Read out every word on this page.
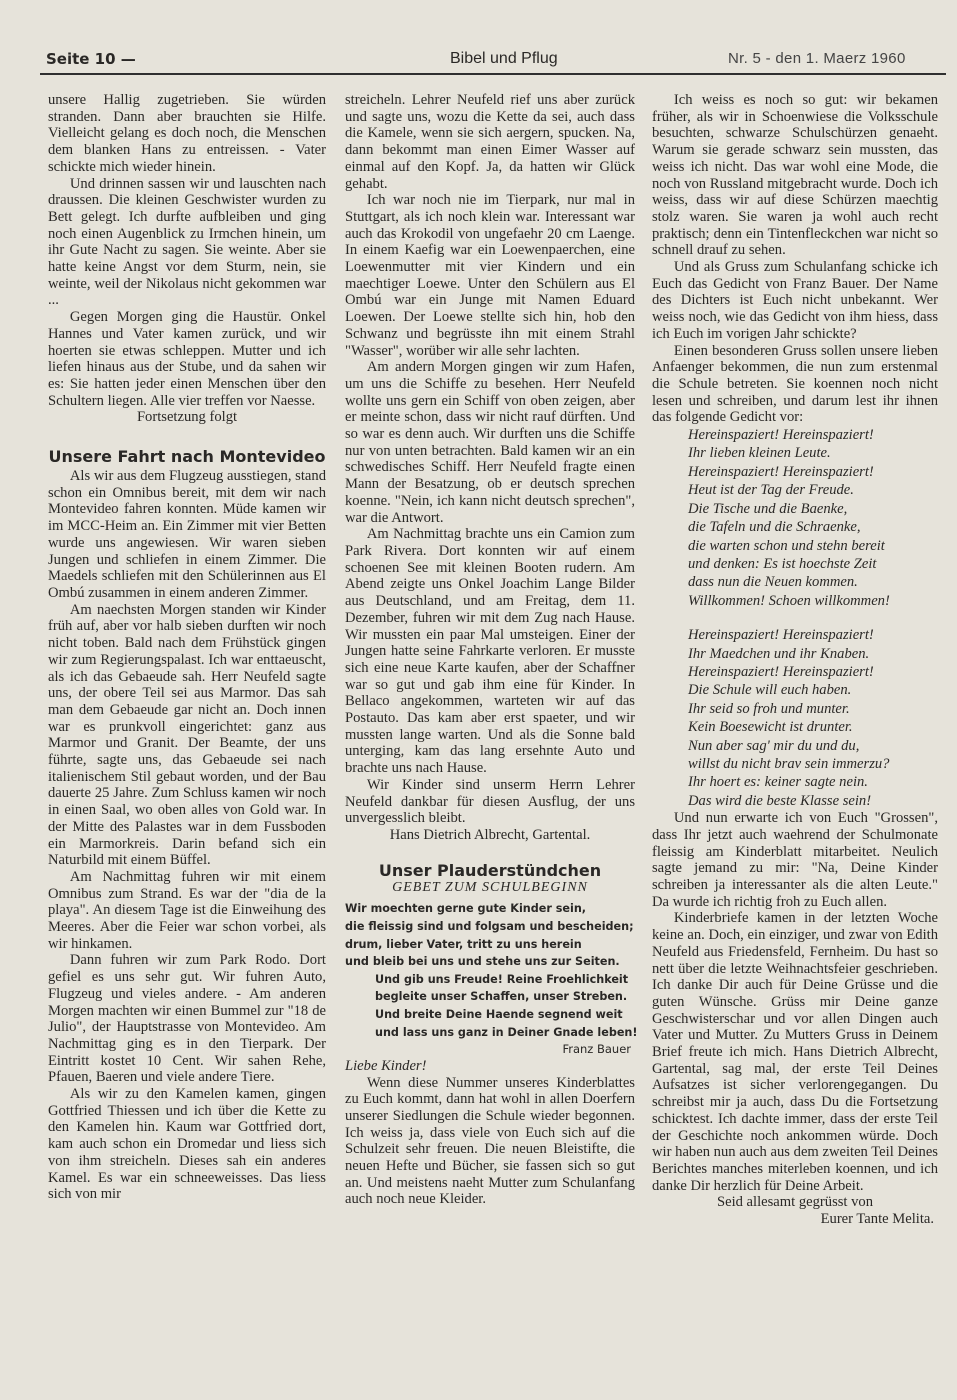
Seite 10 —	Bibel und Pflug	Nr. 5 - den 1. Maerz 1960

unsere Hallig zugetrieben. Sie würden stranden. Dann aber brauchten sie Hilfe. Vielleicht gelang es doch noch, die Menschen dem blanken Hans zu entreissen. - Vater schickte mich wieder hinein.

Und drinnen sassen wir und lauschten nach draussen. Die kleinen Geschwister wurden zu Bett gelegt. Ich durfte aufbleiben und ging noch einen Augenblick zu Irmchen hinein, um ihr Gute Nacht zu sagen. Sie weinte. Aber sie hatte keine Angst vor dem Sturm, nein, sie weinte, weil der Nikolaus nicht gekommen war ...

Gegen Morgen ging die Haustür. Onkel Hannes und Vater kamen zurück, und wir hoerten sie etwas schleppen. Mutter und ich liefen hinaus aus der Stube, und da sahen wir es: Sie hatten jeder einen Menschen über den Schultern liegen. Alle vier treffen vor Naesse.

Fortsetzung folgt
Unsere Fahrt nach Montevideo

Als wir aus dem Flugzeug ausstiegen, stand schon ein Omnibus bereit, mit dem wir nach Montevideo fahren konnten. Müde kamen wir im MCC-Heim an. Ein Zimmer mit vier Betten wurde uns angewiesen. Wir waren sieben Jungen und schliefen in einem Zimmer. Die Maedels schliefen mit den Schülerinnen aus El Ombú zusammen in einem anderen Zimmer.

Am naechsten Morgen standen wir Kinder früh auf, aber vor halb sieben durften wir noch nicht toben. Bald nach dem Frühstück gingen wir zum Regierungspalast. Ich war enttaeuscht, als ich das Gebaeude sah. Herr Neufeld sagte uns, der obere Teil sei aus Marmor. Das sah man dem Gebaeude gar nicht an. Doch innen war es prunkvoll eingerichtet: ganz aus Marmor und Granit. Der Beamte, der uns führte, sagte uns, das Gebaeude sei nach italienischem Stil gebaut worden, und der Bau dauerte 25 Jahre. Zum Schluss kamen wir noch in einen Saal, wo oben alles von Gold war. In der Mitte des Palastes war in dem Fussboden ein Marmorkreis. Darin befand sich ein Naturbild mit einem Büffel.

Am Nachmittag fuhren wir mit einem Omnibus zum Strand. Es war der "dia de la playa". An diesem Tage ist die Einweihung des Meeres. Aber die Feier war schon vorbei, als wir hinkamen.

Dann fuhren wir zum Park Rodo. Dort gefiel es uns sehr gut. Wir fuhren Auto, Flugzeug und vieles andere. - Am anderen Morgen machten wir einen Bummel zur "18 de Julio", der Hauptstrasse von Montevideo. Am Nachmittag ging es in den Tierpark. Der Eintritt kostet 10 Cent. Wir sahen Rehe, Pfauen, Baeren und viele andere Tiere.

Als wir zu den Kamelen kamen, gingen Gottfried Thiessen und ich über die Kette zu den Kamelen hin. Kaum war Gottfried dort, kam auch schon ein Dromedar und liess sich von ihm streicheln. Dieses sah ein anderes Kamel. Es war ein schneeweisses. Das liess sich von mir

streicheln. Lehrer Neufeld rief uns aber zurück und sagte uns, wozu die Kette da sei, auch dass die Kamele, wenn sie sich aergern, spucken. Na, dann bekommt man einen Eimer Wasser auf einmal auf den Kopf. Ja, da hatten wir Glück gehabt.

Ich war noch nie im Tierpark, nur mal in Stuttgart, als ich noch klein war. Interessant war auch das Krokodil von ungefaehr 20 cm Laenge. In einem Kaefig war ein Loewenpaerchen, eine Loewenmutter mit vier Kindern und ein maechtiger Loewe. Unter den Schülern aus El Ombú war ein Junge mit Namen Eduard Loewen. Der Loewe stellte sich hin, hob den Schwanz und begrüsste ihn mit einem Strahl "Wasser", worüber wir alle sehr lachten.

Am andern Morgen gingen wir zum Hafen, um uns die Schiffe zu besehen. Herr Neufeld wollte uns gern ein Schiff von oben zeigen, aber er meinte schon, dass wir nicht rauf dürften. Und so war es denn auch. Wir durften uns die Schiffe nur von unten betrachten. Bald kamen wir an ein schwedisches Schiff. Herr Neufeld fragte einen Mann der Besatzung, ob er deutsch sprechen koenne. "Nein, ich kann nicht deutsch sprechen", war die Antwort.

Am Nachmittag brachte uns ein Camion zum Park Rivera. Dort konnten wir auf einem schoenen See mit kleinen Booten rudern. Am Abend zeigte uns Onkel Joachim Lange Bilder aus Deutschland, und am Freitag, dem 11. Dezember, fuhren wir mit dem Zug nach Hause. Wir mussten ein paar Mal umsteigen. Einer der Jungen hatte seine Fahrkarte verloren. Er musste sich eine neue Karte kaufen, aber der Schaffner war so gut und gab ihm eine für Kinder. In Bellaco angekommen, warteten wir auf das Postauto. Das kam aber erst spaeter, und wir mussten lange warten. Und als die Sonne bald unterging, kam das lang ersehnte Auto und brachte uns nach Hause.

Wir Kinder sind unserm Herrn Lehrer Neufeld dankbar für diesen Ausflug, der uns unvergesslich bleibt.

Hans Dietrich Albrecht, Gartental.
Unser Plauderstündchen
GEBET ZUM SCHULBEGINN
Wir moechten gerne gute Kinder sein,
die fleissig sind und folgsam und bescheiden;
drum, lieber Vater, tritt zu uns herein
und bleib bei uns und stehe uns zur Seiten.
Und gib uns Freude! Reine Froehlichkeit
begleite unser Schaffen, unser Streben.
Und breite Deine Haende segnend weit
und lass uns ganz in Deiner Gnade leben!
Franz Bauer
Liebe Kinder!

Wenn diese Nummer unseres Kinderblattes zu Euch kommt, dann hat wohl in allen Doerfern unserer Siedlungen die Schule wieder begonnen. Ich weiss ja, dass viele von Euch sich auf die Schulzeit sehr freuen. Die neuen Bleistifte, die neuen Hefte und Bücher, sie fassen sich so gut an. Und meistens naeht Mutter zum Schulanfang auch noch neue Kleider.

Ich weiss es noch so gut: wir bekamen früher, als wir in Schoenwiese die Volksschule besuchten, schwarze Schulschürzen genaeht. Warum sie gerade schwarz sein mussten, das weiss ich nicht. Das war wohl eine Mode, die noch von Russland mitgebracht wurde. Doch ich weiss, dass wir auf diese Schürzen maechtig stolz waren. Sie waren ja wohl auch recht praktisch; denn ein Tintenfleckchen war nicht so schnell drauf zu sehen.

Und als Gruss zum Schulanfang schicke ich Euch das Gedicht von Franz Bauer. Der Name des Dichters ist Euch nicht unbekannt. Wer weiss noch, wie das Gedicht von ihm hiess, dass ich Euch im vorigen Jahr schickte?

Einen besonderen Gruss sollen unsere lieben Anfaenger bekommen, die nun zum erstenmal die Schule betreten. Sie koennen noch nicht lesen und schreiben, und darum lest ihr ihnen das folgende Gedicht vor:

Hereinspaziert! Hereinspaziert!
Ihr lieben kleinen Leute.
Hereinspaziert! Hereinspaziert!
Heut ist der Tag der Freude.
Die Tische und die Baenke,
die Tafeln und die Schraenke,
die warten schon und stehn bereit
und denken: Es ist hoechste Zeit
dass nun die Neuen kommen.
Willkommen! Schoen willkommen!
Hereinspaziert! Hereinspaziert!
Ihr Maedchen und ihr Knaben.
Hereinspaziert! Hereinspaziert!
Die Schule will euch haben.
Ihr seid so froh und munter.
Kein Boesewicht ist drunter.
Nun aber sag' mir du und du,
willst du nicht brav sein immerzu?
Ihr hoert es: keiner sagte nein.
Das wird die beste Klasse sein!

Und nun erwarte ich von Euch "Grossen", dass Ihr jetzt auch waehrend der Schulmonate fleissig am Kinderblatt mitarbeitet. Neulich sagte jemand zu mir: "Na, Deine Kinder schreiben ja interessanter als die alten Leute." Da wurde ich richtig froh zu Euch allen.

Kinderbriefe kamen in der letzten Woche keine an. Doch, ein einziger, und zwar von Edith Neufeld aus Friedensfeld, Fernheim. Du hast so nett über die letzte Weihnachtsfeier geschrieben. Ich danke Dir auch für Deine Grüsse und die guten Wünsche. Grüss mir Deine ganze Geschwisterschar und vor allen Dingen auch Vater und Mutter. Zu Mutters Gruss in Deinem Brief freute ich mich. Hans Dietrich Albrecht, Gartental, sag mal, der erste Teil Deines Aufsatzes ist sicher verlorengegangen. Du schreibst mir ja auch, dass Du die Fortsetzung schicktest. Ich dachte immer, dass der erste Teil der Geschichte noch ankommen würde. Doch wir haben nun auch aus dem zweiten Teil Deines Berichtes manches miterleben koennen, und ich danke Dir herzlich für Deine Arbeit.

Seid allesamt gegrüsst von
Eurer Tante Melita.
